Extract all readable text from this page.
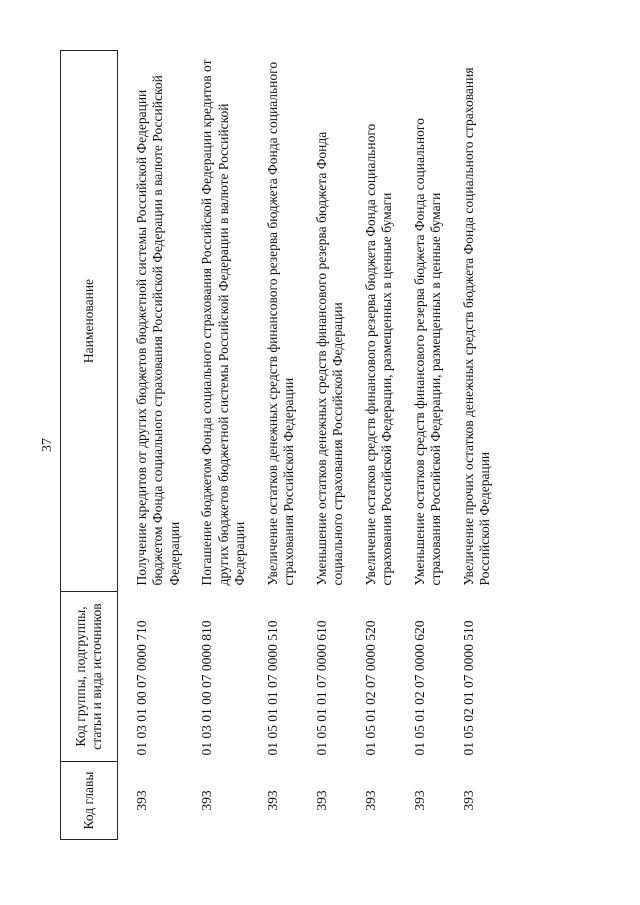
37
Код главы	Код группы, подгруппы, статьи и вида источников	Наименование

393	01 03 01 00 07 0000 710	Получение кредитов от других бюджетов бюджетной системы Российской Федерации бюджетом Фонда социального страхования Российской Федерации в валюте Российской Федерации

393	01 03 01 00 07 0000 810	Погашение бюджетом Фонда социального страхования Российской Федерации кредитов от других бюджетов бюджетной системы Российской Федерации в валюте Российской Федерации

393	01 05 01 01 07 0000 510	Увеличение остатков денежных средств финансового резерва бюджета Фонда социального страхования Российской Федерации

393	01 05 01 01 07 0000 610	Уменьшение остатков денежных средств финансового резерва бюджета Фонда социального страхования Российской Федерации

393	01 05 01 02 07 0000 520	Увеличение остатков средств финансового резерва бюджета Фонда социального страхования Российской Федерации, размещенных в ценные бумаги

393	01 05 01 02 07 0000 620	Уменьшение остатков средств финансового резерва бюджета Фонда социального страхования Российской Федерации, размещенных в ценные бумаги

393	01 05 02 01 07 0000 510	Увеличение прочих остатков денежных средств бюджета Фонда социального страхования Российской Федерации
